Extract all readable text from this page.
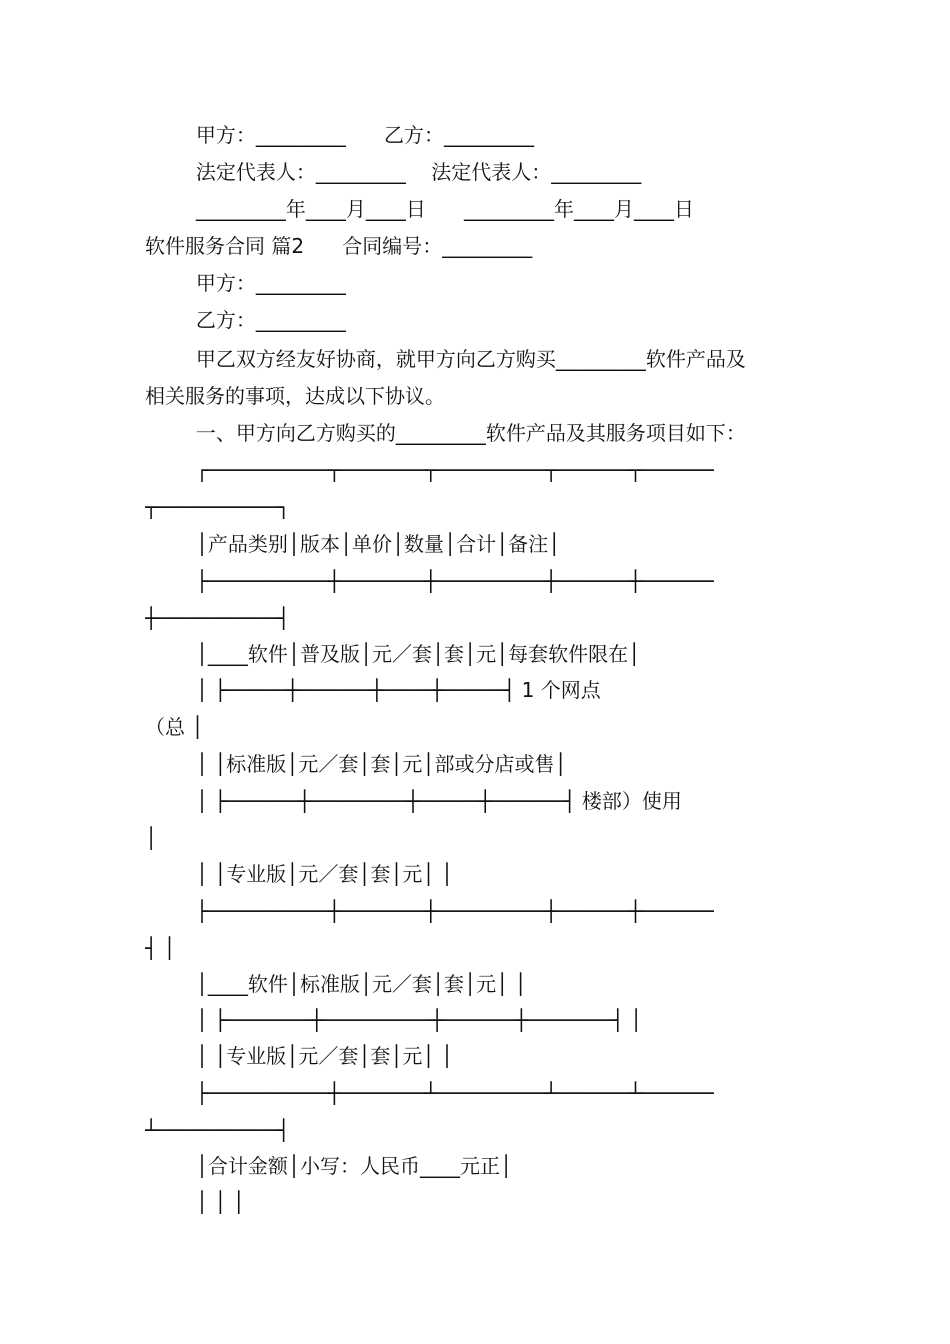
甲方：_________      乙方：_________
法定代表人：_________    法定代表人：_________
_________年____月____日      _________年____月____日
软件服务合同 篇2      合同编号：_________
甲方：_________
乙方：_________
甲乙双方经友好协商，就甲方向乙方购买_________软件产品及
相关服务的事项，达成以下协议。
一、甲方向乙方购买的_________软件产品及其服务项目如下：
┌──────────┬───────┬─────────┬──────┬──────
┬──────────┐
│产品类别│版本│单价│数量│合计│备注│
├──────────┼───────┼─────────┼──────┼──────
┼──────────┤
│____软件│普及版│元／套│套│元│每套软件限在│
│ ├─────┼──────┼────┼─────┤ 1 个网点
（总 │
│ │标准版│元／套│套│元│部或分店或售│
│ ├──────┼────────┼─────┼──────┤ 楼部）使用
│
│ │专业版│元／套│套│元│ │
├──────────┼───────┼─────────┼──────┼──────
┤ │
│____软件│标准版│元／套│套│元│ │
│ ├───────┼─────────┼──────┼───────┤ │
│ │专业版│元／套│套│元│ │
├──────────┼───────┴─────────┴──────┴──────
┴──────────┤
│合计金额│小写：人民币____元正│
│ │ │
